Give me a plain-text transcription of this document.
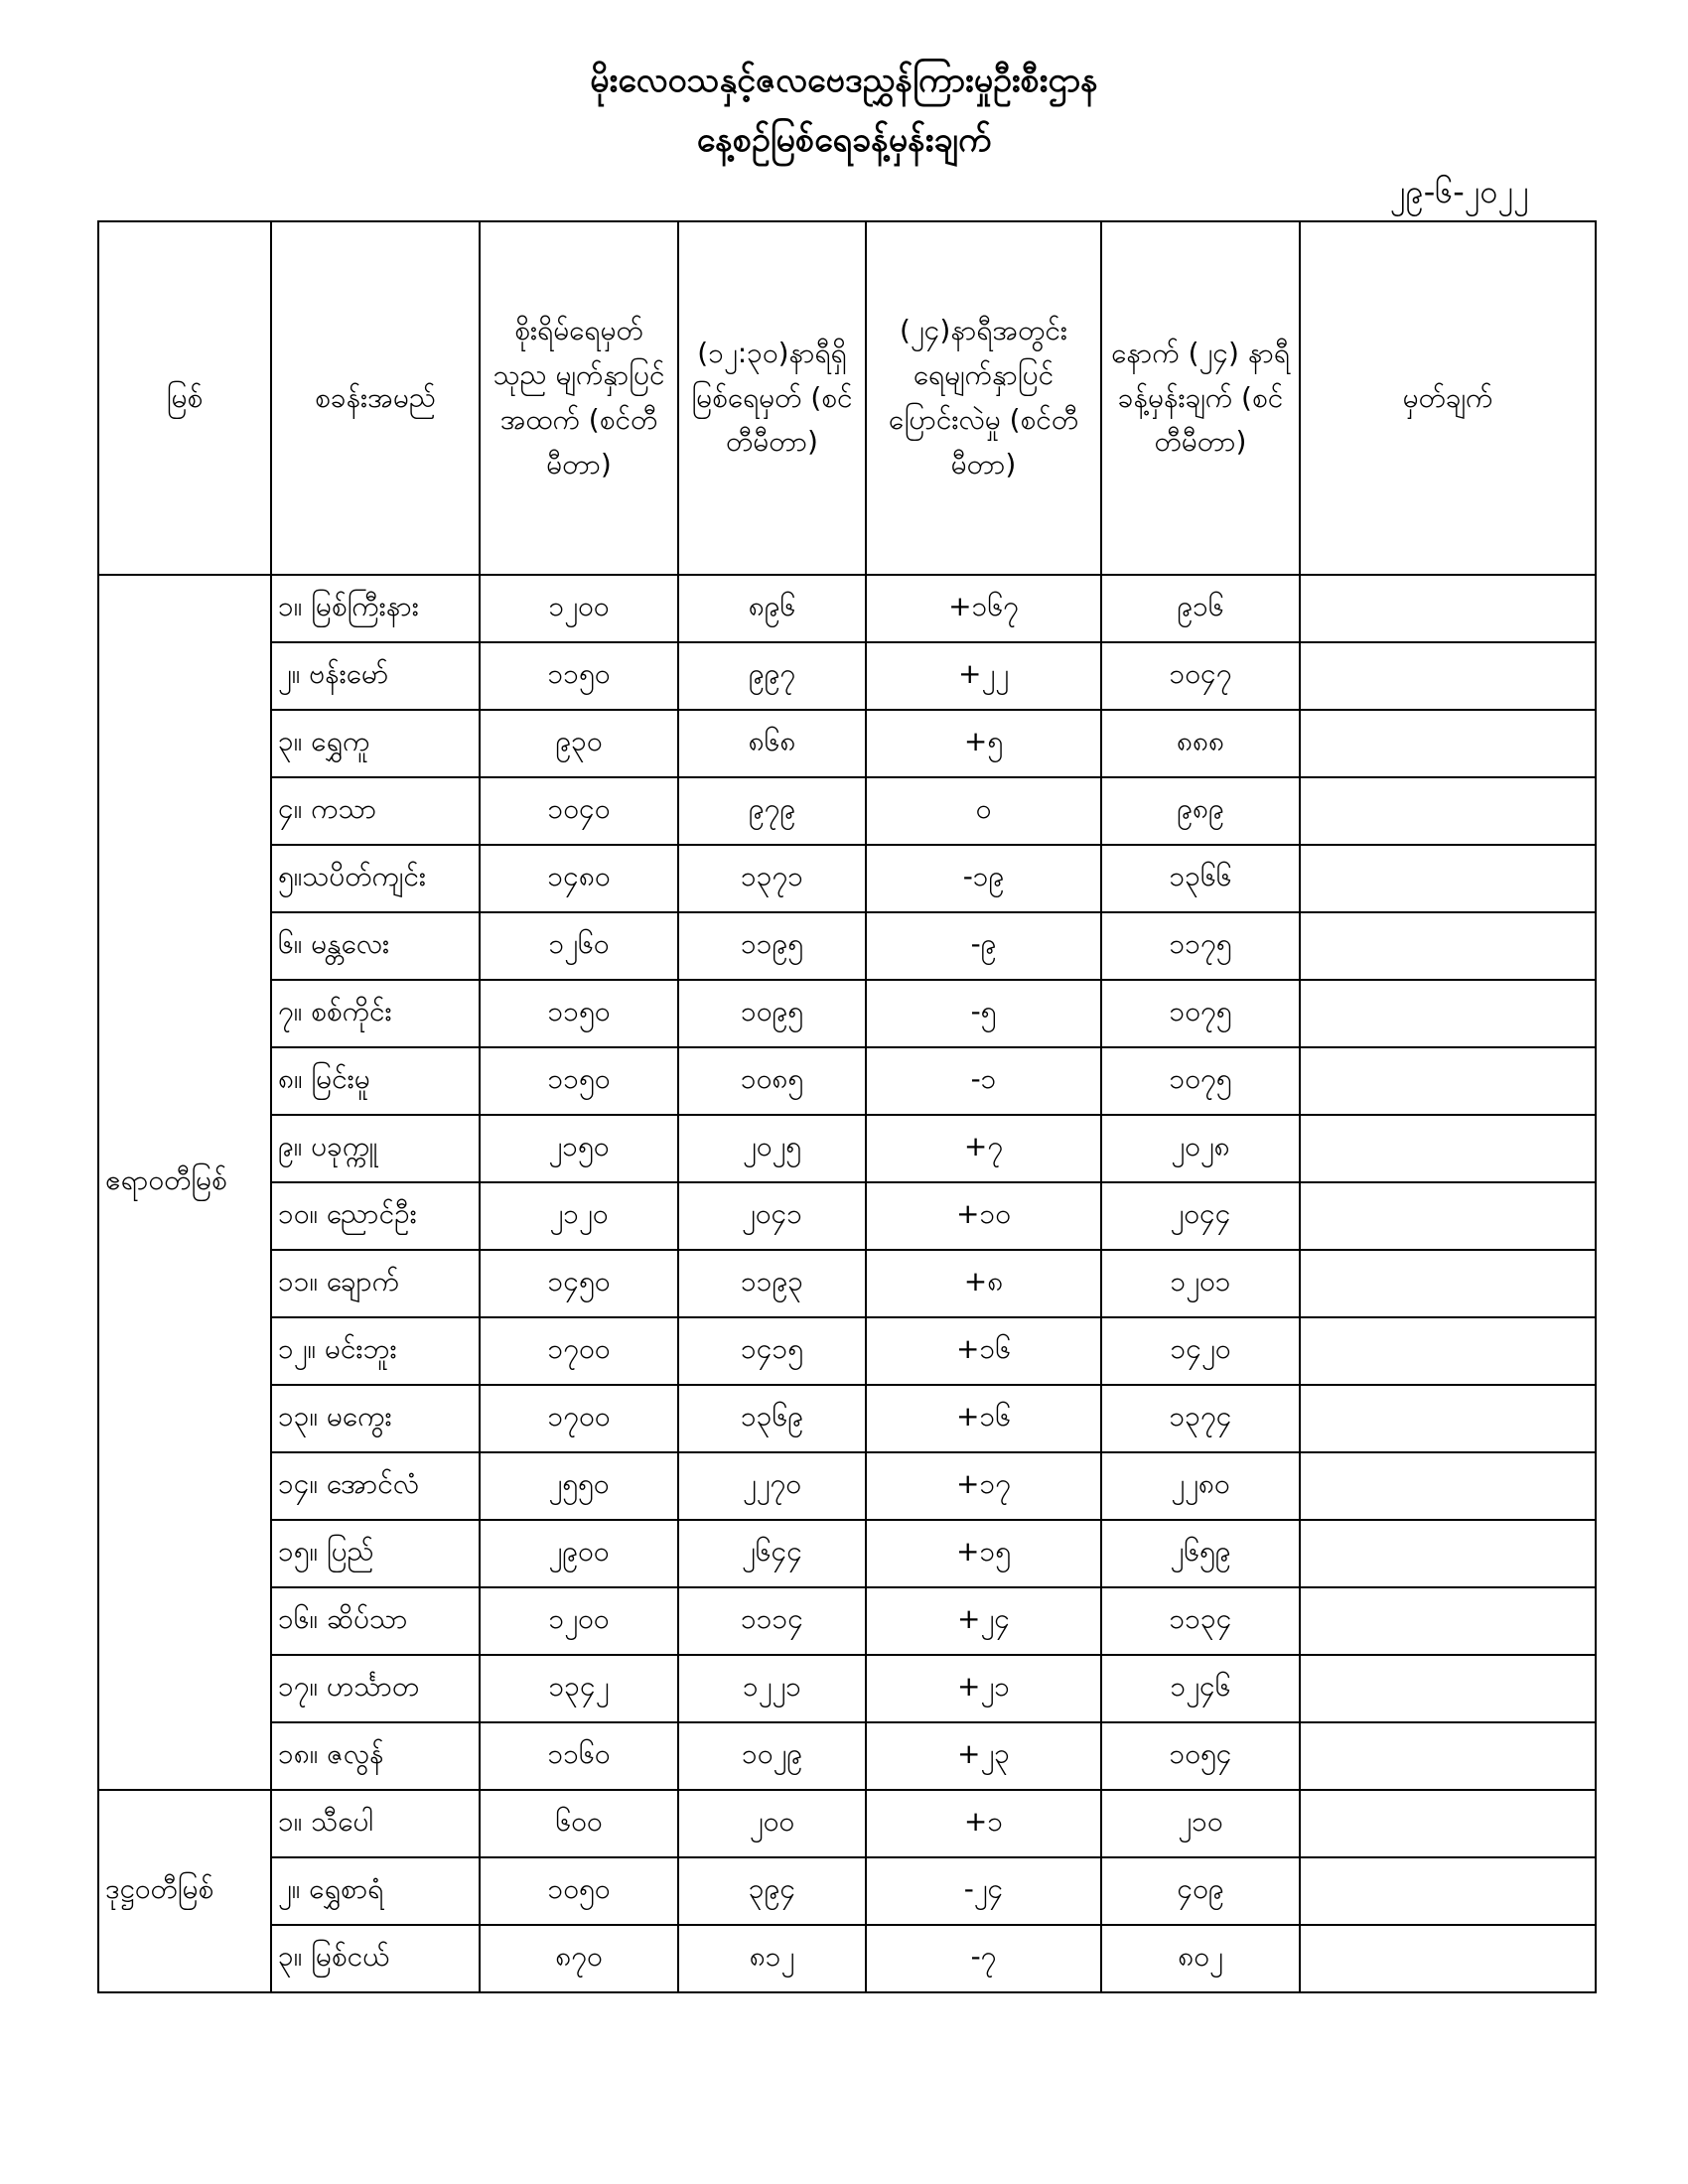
မိုးလေဝသနှင့်ဇလဗေဒညွှန်ကြားမှုဦးစီးဌာန
နေ့စဉ်မြစ်ရေခန့်မှန်းချက်
၂၉-၆-၂၀၂၂
မြစ်	စခန်းအမည်	စိုးရိမ်ရေမှတ် သုည မျက်နှာပြင် အထက် (စင်တီမီတာ)	(၁၂:၃၀)နာရီရှိ မြစ်ရေမှတ် (စင်တီမီတာ)	(၂၄)နာရီအတွင်း ရေမျက်နှာပြင် ပြောင်းလဲမှု (စင်တီမီတာ)	နောက် (၂၄) နာရီ ခန့်မှန်းချက် (စင်တီမီတာ)	မှတ်ချက်
ဧရာဝတီမြစ်	၁။ မြစ်ကြီးနား	၁၂၀၀	၈၉၆	+၁၆၇	၉၁၆	
	၂။ ဗန်းမော်	၁၁၅၀	၉၉၇	+၂၂	၁၀၄၇	
	၃။ ရွှေကူ	၉၃၀	၈၆၈	+၅	၈၈၈	
	၄။ ကသာ	၁၀၄၀	၉၇၉	၀	၉၈၉	
	၅။သပိတ်ကျင်း	၁၄၈၀	၁၃၇၁	-၁၉	၁၃၆၆	
	၆။ မန္တလေး	၁၂၆၀	၁၁၉၅	-၉	၁၁၇၅	
	၇။ စစ်ကိုင်း	၁၁၅၀	၁၀၉၅	-၅	၁၀၇၅	
	၈။ မြင်းမူ	၁၁၅၀	၁၀၈၅	-၁	၁၀၇၅	
	၉။ ပခုက္ကူ	၂၁၅၀	၂၀၂၅	+၇	၂၀၂၈	
	၁၀။ ညောင်ဦး	၂၁၂၀	၂၀၄၁	+၁၀	၂၀၄၄	
	၁၁။ ချောက်	၁၄၅၀	၁၁၉၃	+၈	၁၂၀၁	
	၁၂။ မင်းဘူး	၁၇၀၀	၁၄၁၅	+၁၆	၁၄၂၀	
	၁၃။ မကွေး	၁၇၀၀	၁၃၆၉	+၁၆	၁၃၇၄	
	၁၄။ အောင်လံ	၂၅၅၀	၂၂၇၀	+၁၇	၂၂၈၀	
	၁၅။ ပြည်	၂၉၀၀	၂၆၄၄	+၁၅	၂၆၅၉	
	၁၆။ ဆိပ်သာ	၁၂၀၀	၁၁၁၄	+၂၄	၁၁၃၄	
	၁၇။ ဟင်္သာတ	၁၃၄၂	၁၂၂၁	+၂၁	၁၂၄၆	
	၁၈။ ဇလွန်	၁၁၆၀	၁၀၂၉	+၂၃	၁၀၅၄	
ဒုဋ္ဌဝတီမြစ်	၁။ သီပေါ	၆၀၀	၂၀၀	+၁	၂၁၀	
	၂။ ရွှေစာရံ	၁၀၅၀	၃၉၄	-၂၄	၄၀၉	
	၃။ မြစ်ငယ်	၈၇၀	၈၁၂	-၇	၈၀၂	
